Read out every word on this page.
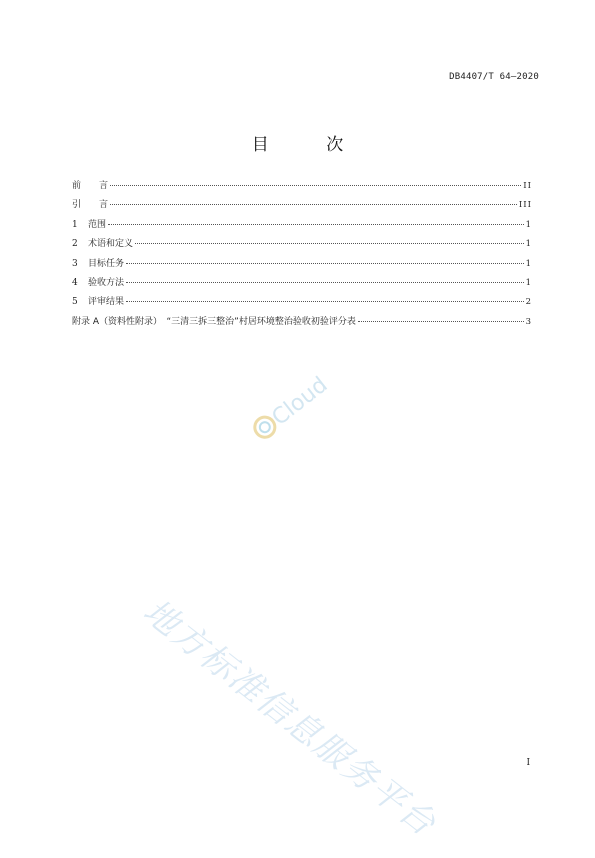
DB4407/T 64—2020
目 次
前　　言	II
引　　言	III
1	范围	1
2	术语和定义	1
3	目标任务	1
4	验收方法	1
5	评审结果	2
附录 A（资料性附录）　“三清三拆三整治”村居环境整治验收初验评分表	3
Cloud
地方标准信息服务平台	I
